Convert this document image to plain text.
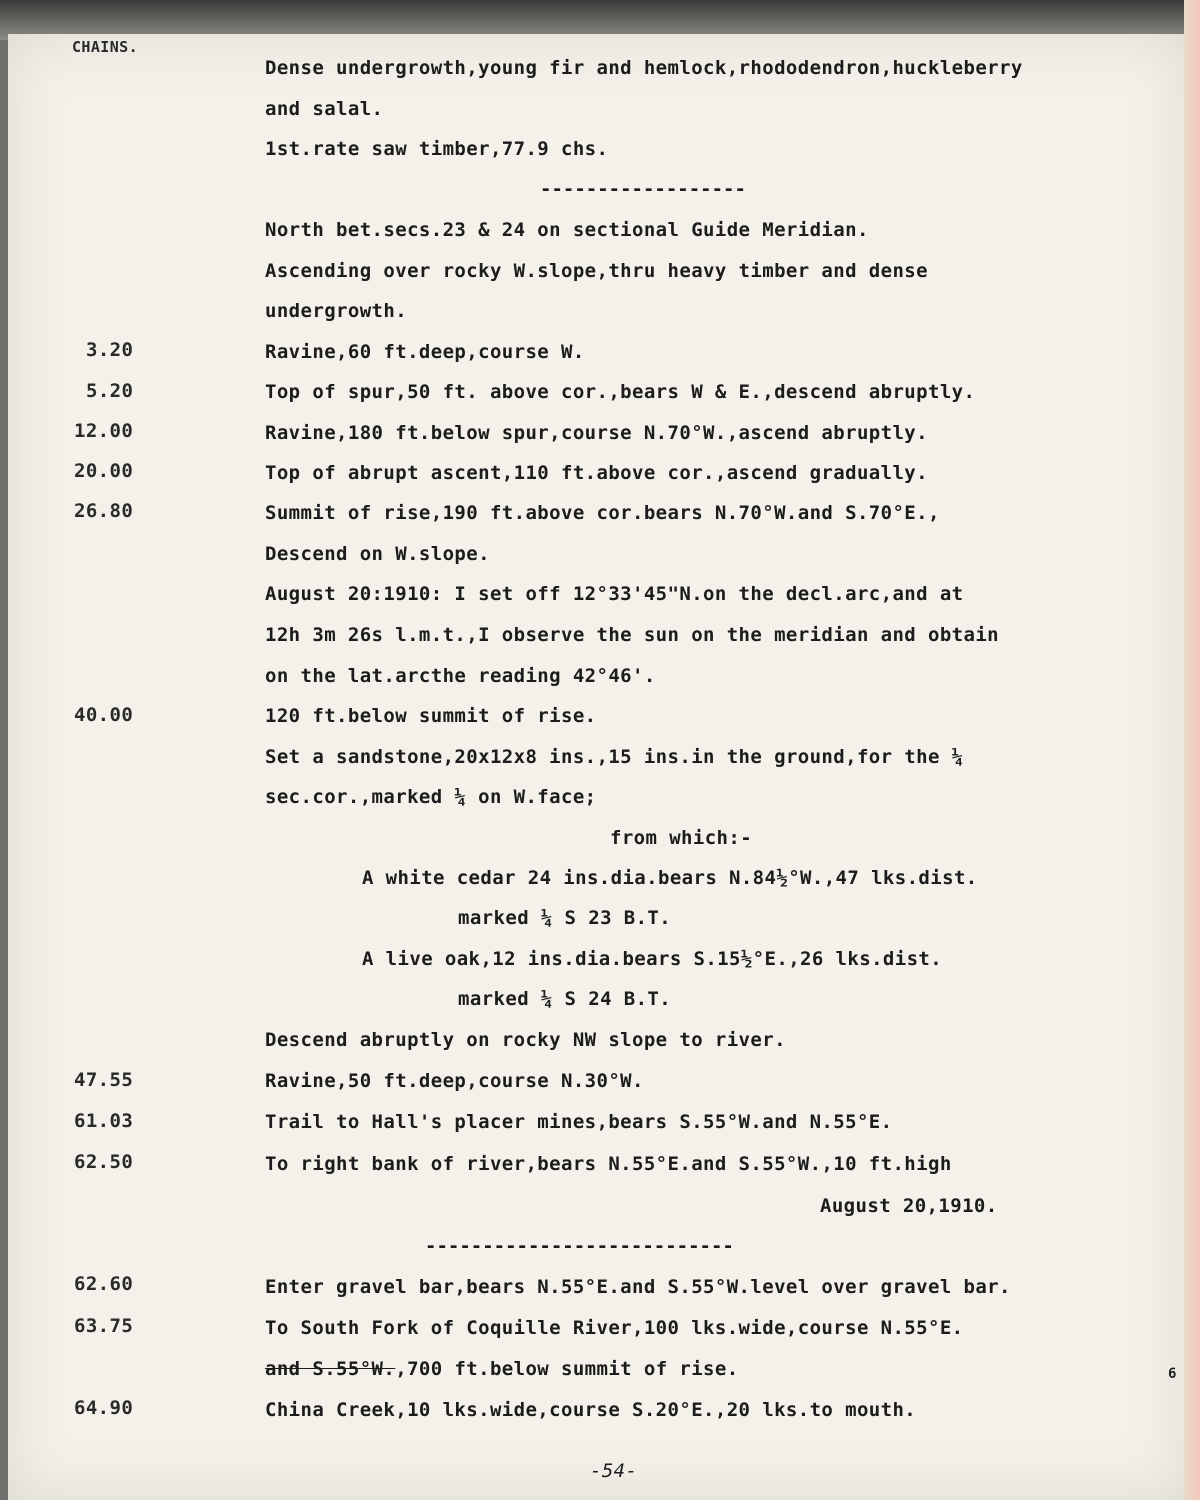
CHAINS.
Dense undergrowth,young fir and hemlock,rhododendron,huckleberry
and salal.
1st.rate saw timber,77.9 chs.
------------------
North bet.secs.23 & 24 on sectional Guide Meridian.
Ascending over rocky W.slope,thru heavy timber and dense
undergrowth.
3.20	Ravine,60 ft.deep,course W.
5.20	Top of spur,50 ft. above cor.,bears W & E.,descend abruptly.
12.00	Ravine,180 ft.below spur,course N.70°W.,ascend abruptly.
20.00	Top of abrupt ascent,110 ft.above cor.,ascend gradually.
26.80	Summit of rise,190 ft.above cor.bears N.70°W.and S.70°E.,
Descend on W.slope.
August 20:1910: I set off 12°33'45"N.on the decl.arc,and at
12h 3m 26s l.m.t.,I observe the sun on the meridian and obtain
on the lat.arcthe reading 42°46'.
40.00	120 ft.below summit of rise.
Set a sandstone,20x12x8 ins.,15 ins.in the ground,for the ¼
sec.cor.,marked ¼ on W.face;
from which:-
A white cedar 24 ins.dia.bears N.84½°W.,47 lks.dist.
marked ¼ S 23 B.T.
A live oak,12 ins.dia.bears S.15½°E.,26 lks.dist.
marked ¼ S 24 B.T.
Descend abruptly on rocky NW slope to river.
47.55	Ravine,50 ft.deep,course N.30°W.
61.03	Trail to Hall's placer mines,bears S.55°W.and N.55°E.
62.50	To right bank of river,bears N.55°E.and S.55°W.,10 ft.high
August 20,1910.
---------------------------
62.60	Enter gravel bar,bears N.55°E.and S.55°W.level over gravel bar.
63.75	To South Fork of Coquille River,100 lks.wide,course N.55°E.
and S.55°W.,700 ft.below summit of rise.	6
64.90	China Creek,10 lks.wide,course S.20°E.,20 lks.to mouth.
-54-
